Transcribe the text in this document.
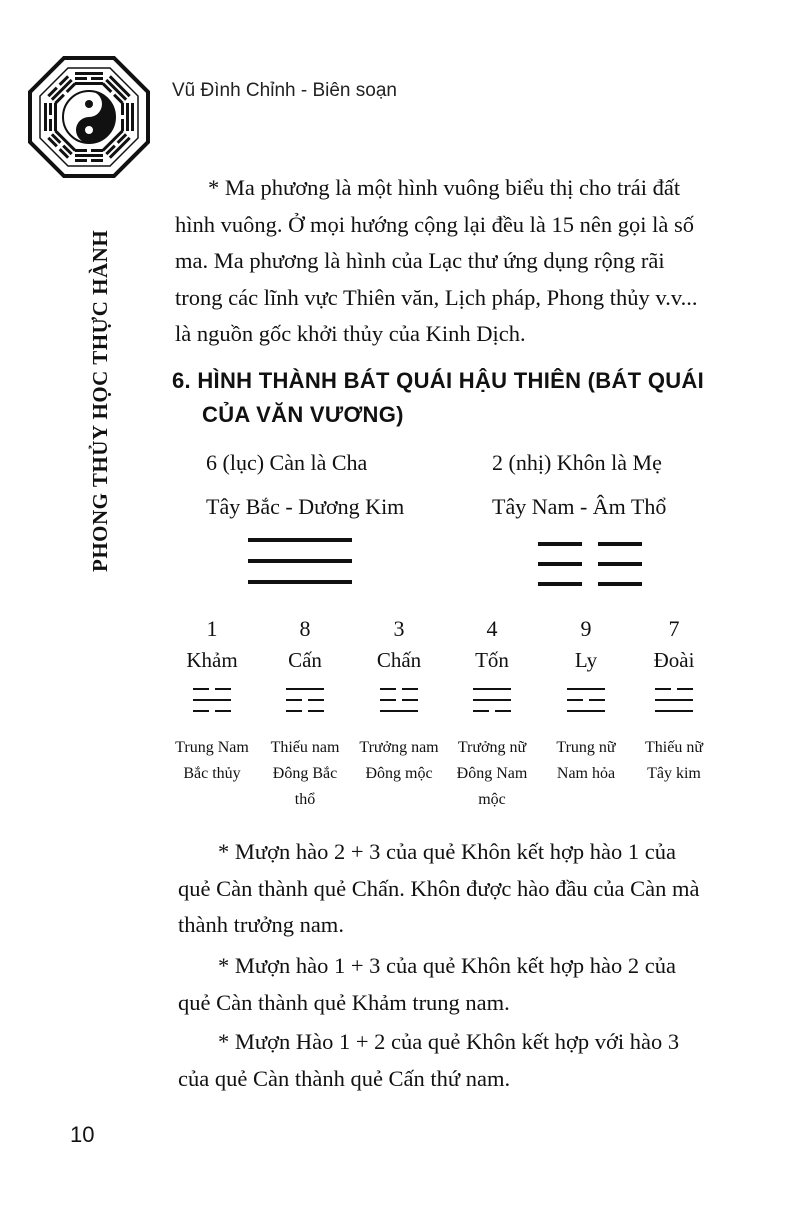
Vũ Đình Chỉnh - Biên soạn
PHONG THỦY HỌC THỰC HÀNH
* Ma phương là một hình vuông biểu thị cho trái đất
hình vuông. Ở mọi hướng cộng lại đều là 15 nên gọi là số
ma. Ma phương là hình của Lạc thư ứng dụng rộng rãi
trong các lĩnh vực Thiên văn, Lịch pháp, Phong thủy v.v...
là nguồn gốc khởi thủy của Kinh Dịch.
6. HÌNH THÀNH BÁT QUÁI HẬU THIÊN (BÁT QUÁI
CỦA VĂN VƯƠNG)
6 (lục) Càn là Cha
Tây Bắc - Dương Kim
2 (nhị) Khôn là Mẹ
Tây Nam - Âm Thổ
1
Khảm
Trung Nam
Bắc thủy
8
Cấn
Thiếu nam
Đông Bắc
thổ
3
Chấn
Trưởng nam
Đông mộc
4
Tốn
Trưởng nữ
Đông Nam
mộc
9
Ly
Trung nữ
Nam hỏa
7
Đoài
Thiếu nữ
Tây kim
* Mượn hào 2 + 3 của quẻ Khôn kết hợp hào 1 của
quẻ Càn thành quẻ Chấn. Khôn được hào đầu của Càn mà
thành trưởng nam.
* Mượn hào 1 + 3 của quẻ Khôn kết hợp hào 2 của
quẻ Càn thành quẻ Khảm trung nam.
* Mượn Hào 1 + 2 của quẻ Khôn kết hợp với hào 3
của quẻ Càn thành quẻ Cấn thứ nam.
10
